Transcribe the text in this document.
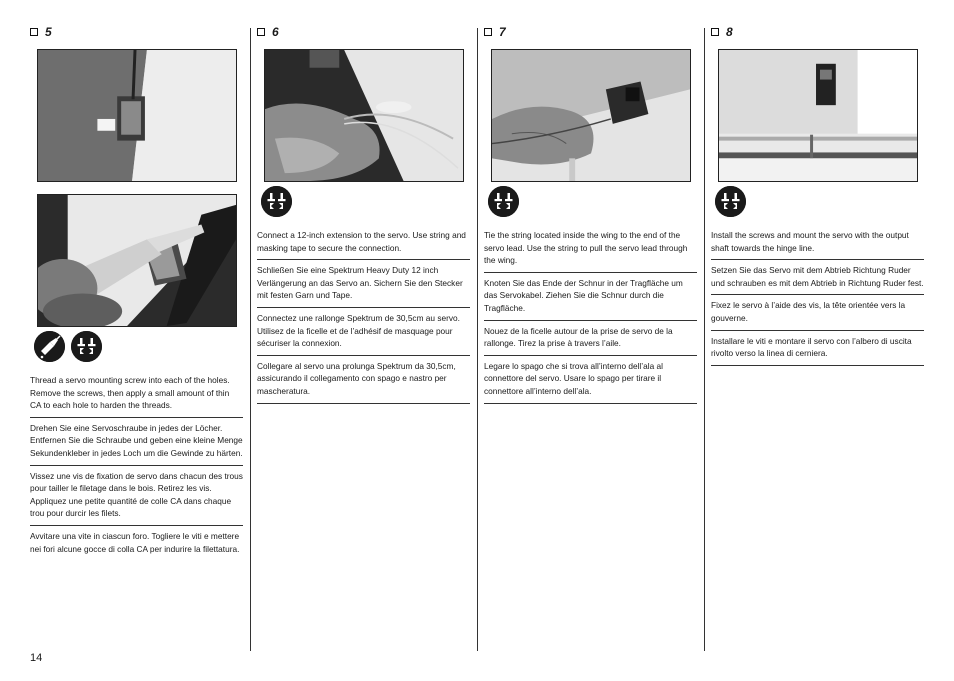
5
Thread a servo mounting screw into each of the holes. Remove the screws, then apply a small amount of thin CA to each hole to harden the threads.
Drehen Sie eine Servoschraube in jedes der Löcher. Entfernen Sie die Schraube und geben eine kleine Menge Sekundenkleber in jedes Loch um die Gewinde zu härten.
Vissez une vis de fixation de servo dans chacun des trous pour tailler le filetage dans le bois. Retirez les vis. Appliquez une petite quantité de colle CA dans chaque trou pour durcir les filets.
Avvitare una vite in ciascun foro. Togliere le viti e mettere nei fori alcune gocce di colla CA per indurire la filettatura.
6
Connect a 12-inch extension to the servo. Use string and masking tape to secure the connection.
Schließen Sie eine Spektrum Heavy Duty 12 inch Verlängerung an das Servo an. Sichern Sie den Stecker mit festen Garn und Tape.
Connectez une rallonge Spektrum de 30,5cm au servo. Utilisez de la ficelle et de l’adhésif de masquage pour sécuriser la connexion.
Collegare al servo una prolunga Spektrum da 30,5cm, assicurando il collegamento con spago e nastro per mascheratura.
7
Tie the string located inside the wing to the end of the servo lead. Use the string to pull the servo lead through the wing.
Knoten Sie das Ende der Schnur in der Tragfläche um das Servokabel. Ziehen Sie die Schnur durch die Tragfläche.
Nouez de la ficelle autour de la prise de servo de la rallonge. Tirez la prise à travers l’aile.
Legare lo spago che si trova all’interno dell’ala al connettore del servo. Usare lo spago per tirare il connettore all’interno dell’ala.
8
Install the screws and mount the servo with the output shaft towards the hinge line.
Setzen Sie das Servo mit dem Abtrieb Richtung Ruder und schrauben es mit dem Abtrieb in Richtung Ruder fest.
Fixez le servo à l’aide des vis, la tête orientée vers la gouverne.
Installare le viti e montare il servo con l’albero di uscita rivolto verso la linea di cerniera.
14
